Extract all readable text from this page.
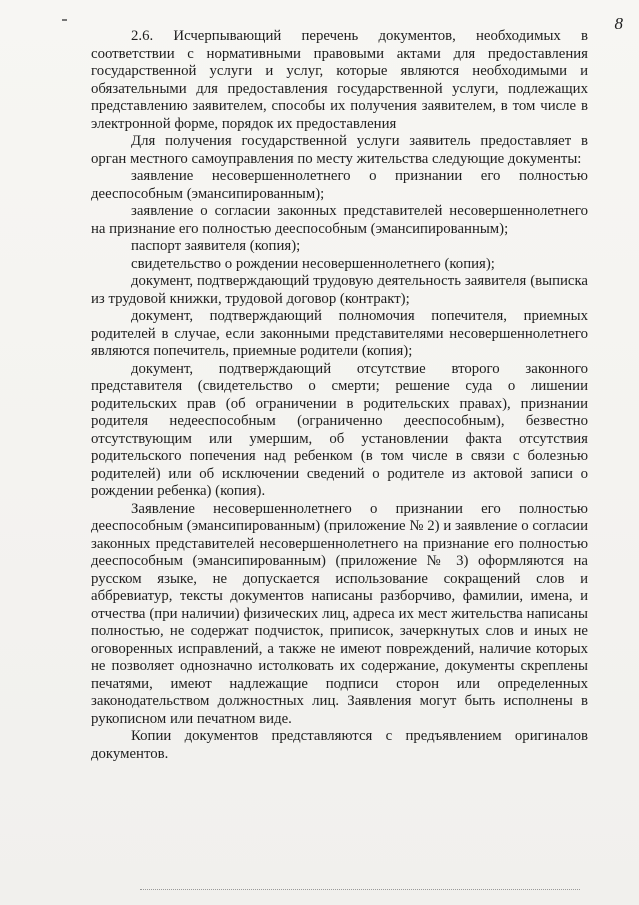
8

2.6. Исчерпывающий перечень документов, необходимых в соответствии с нормативными правовыми актами для предоставления государственной услуги и услуг, которые являются необходимыми и обязательными для предоставления государственной услуги, подлежащих представлению заявителем, способы их получения заявителем, в том числе в электронной форме, порядок их предоставления

Для получения государственной услуги заявитель предоставляет в орган местного самоуправления по месту жительства следующие документы:

заявление несовершеннолетнего о признании его полностью дееспособным (эмансипированным);

заявление о согласии законных представителей несовершеннолетнего на признание его полностью дееспособным (эмансипированным);

паспорт заявителя (копия);

свидетельство о рождении несовершеннолетнего (копия);

документ, подтверждающий трудовую деятельность заявителя (выписка из трудовой книжки, трудовой договор (контракт);

документ, подтверждающий полномочия попечителя, приемных родителей в случае, если законными представителями несовершеннолетнего являются попечитель, приемные родители (копия);

документ, подтверждающий отсутствие второго законного представителя (свидетельство о смерти; решение суда о лишении родительских прав (об ограничении в родительских правах), признании родителя недееспособным (ограниченно дееспособным), безвестно отсутствующим или умершим, об установлении факта отсутствия родительского попечения над ребенком (в том числе в связи с болезнью родителей) или об исключении сведений о родителе из актовой записи о рождении ребенка) (копия).

Заявление несовершеннолетнего о признании его полностью дееспособным (эмансипированным) (приложение № 2) и заявление о согласии законных представителей несовершеннолетнего на признание его полностью дееспособным (эмансипированным) (приложение № 3) оформляются на русском языке, не допускается использование сокращений слов и аббревиатур, тексты документов написаны разборчиво, фамилии, имена, и отчества (при наличии) физических лиц, адреса их мест жительства написаны полностью, не содержат подчисток, приписок, зачеркнутых слов и иных не оговоренных исправлений, а также не имеют повреждений, наличие которых не позволяет однозначно истолковать их содержание, документы скреплены печатями, имеют надлежащие подписи сторон или определенных законодательством должностных лиц. Заявления могут быть исполнены в рукописном или печатном виде.

Копии документов представляются с предъявлением оригиналов документов.
